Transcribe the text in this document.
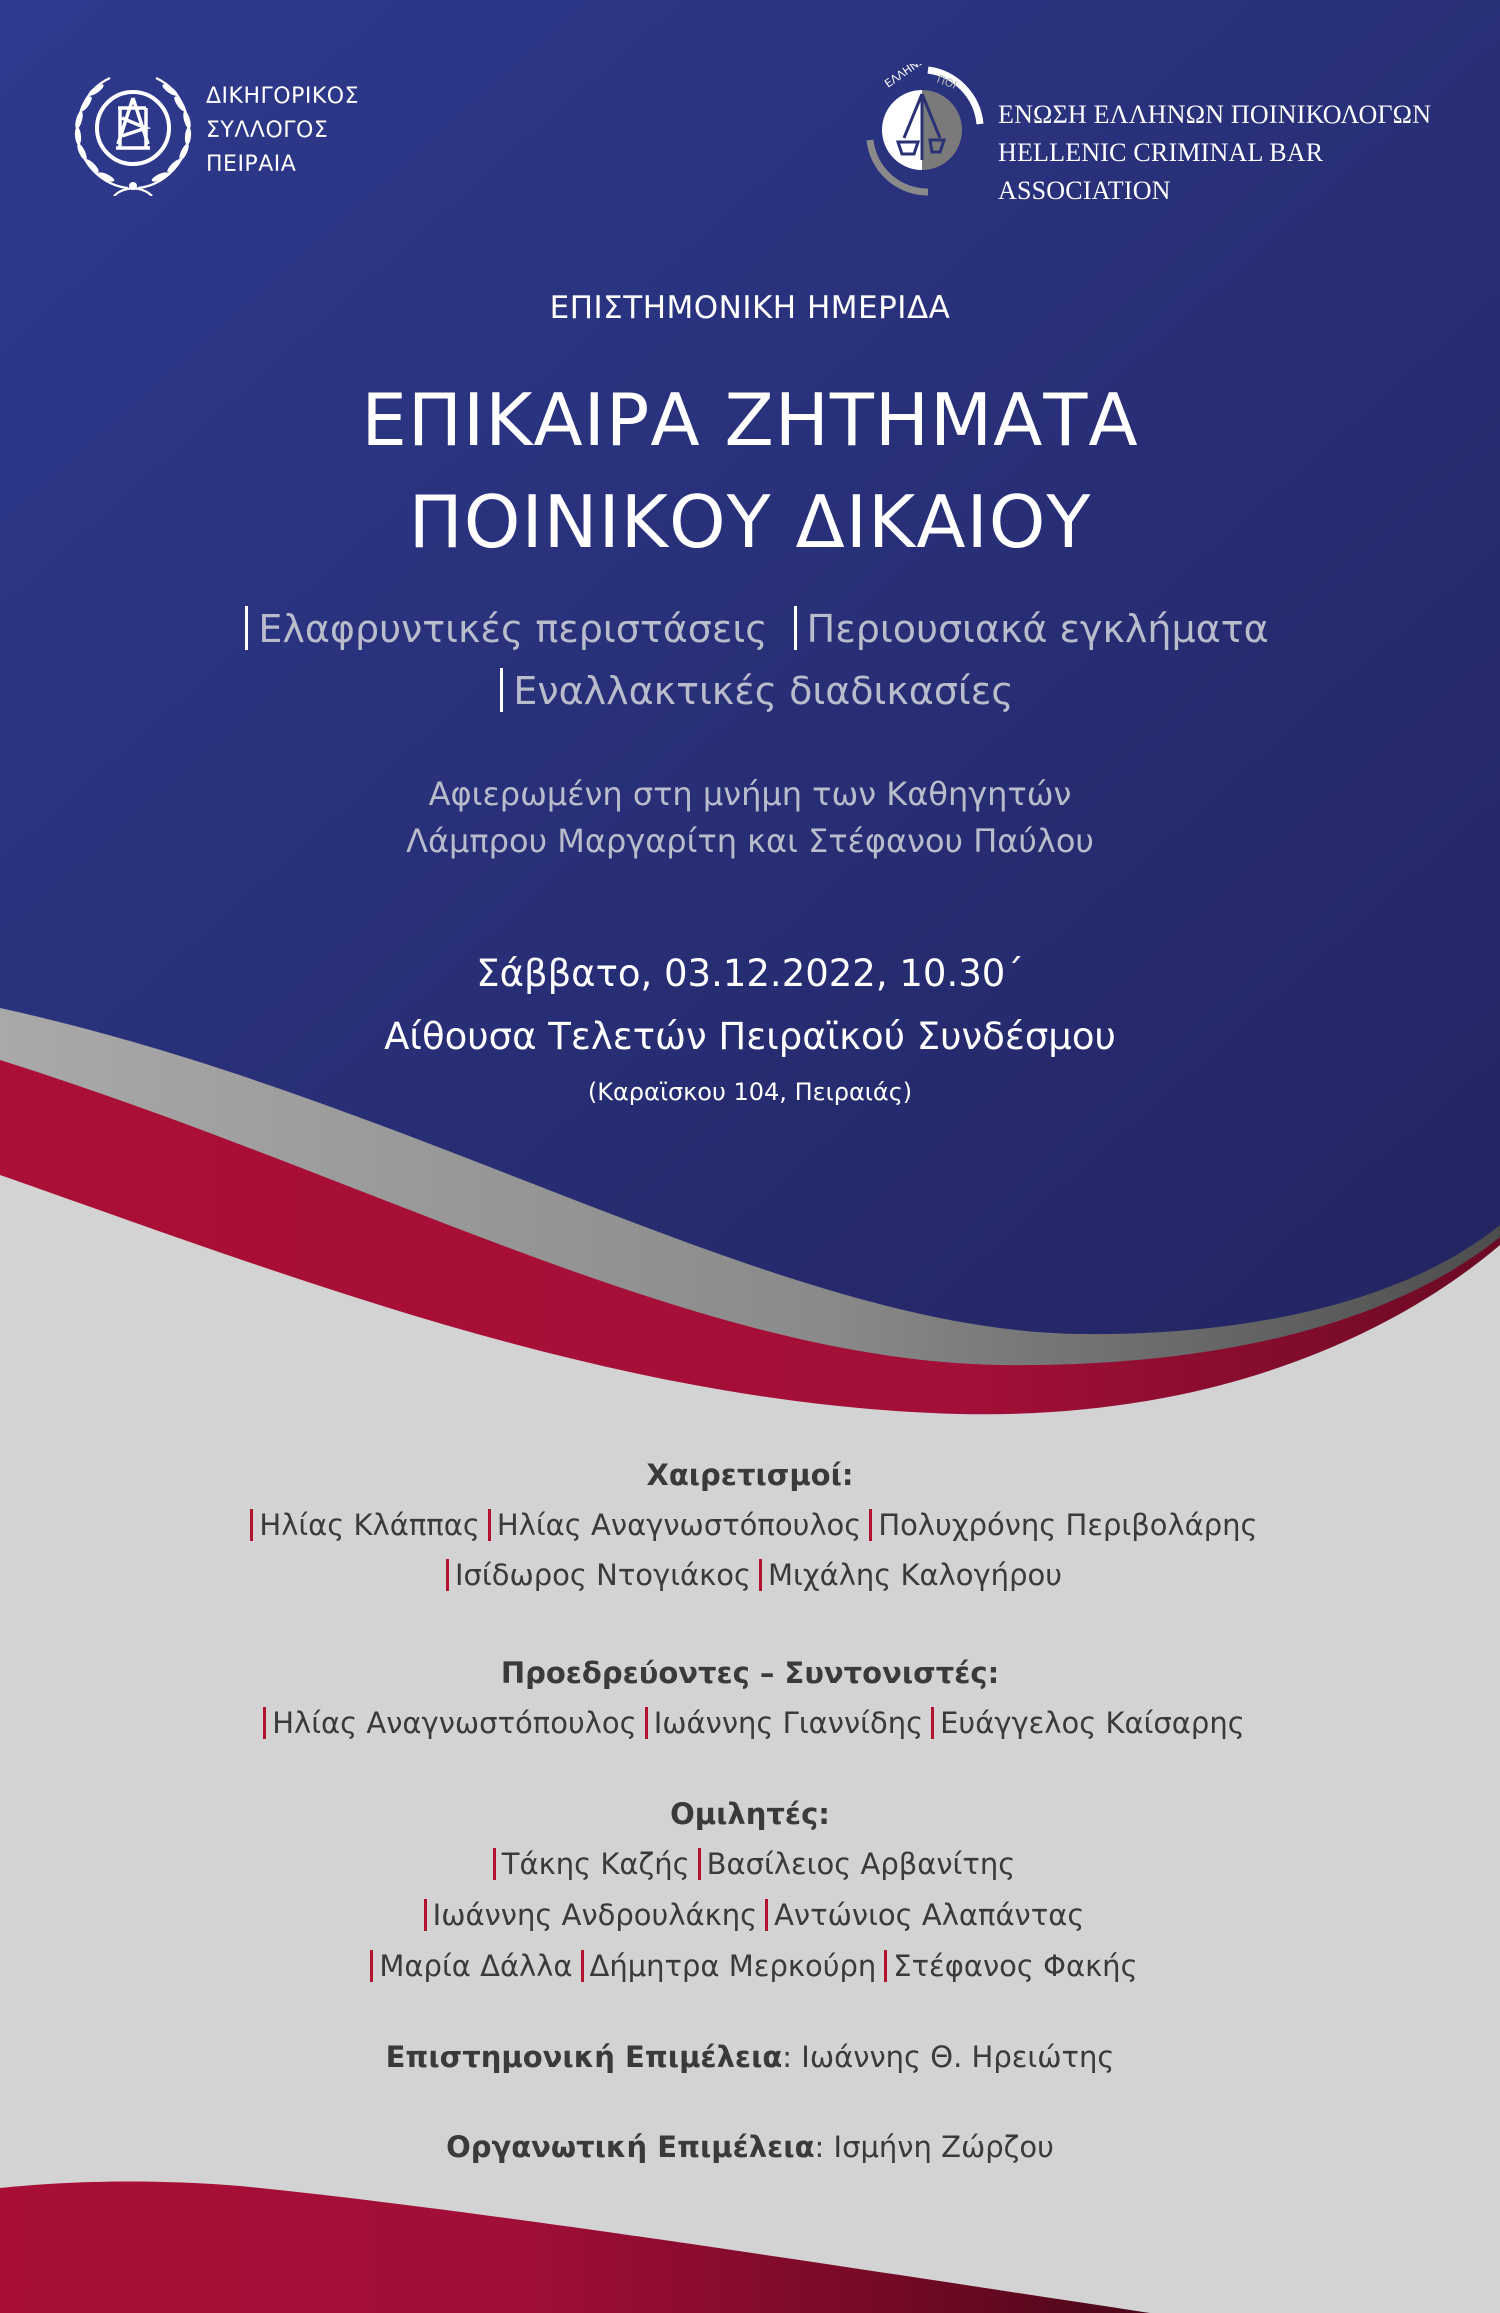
ΔΙΚΗΓΟΡΙΚΟΣ
ΣΥΛΛΟΓΟΣ
ΠΕΙΡΑΙΑ
ΕΛΛΗΝΩΝ ΠΟΙ
ΕΝΩΣΗ ΕΛΛΗΝΩΝ ΠΟΙΝΙΚΟΛΟΓΩΝ
HELLENIC CRIMINAL BAR ASSOCIATION
ΕΠΙΣΤΗΜΟΝΙΚΗ ΗΜΕΡΙΔΑ
ΕΠΙΚΑΙΡΑ ΖΗΤΗΜΑΤΑ
ΠΟΙΝΙΚΟΥ ΔΙΚΑΙΟΥ
Ελαφρυντικές περιστάσεις Περιουσιακά εγκλήματα
Εναλλακτικές διαδικασίες
Αφιερωμένη στη μνήμη των Καθηγητών
Λάμπρου Μαργαρίτη και Στέφανου Παύλου
Σάββατο, 03.12.2022, 10.30΄
Αίθουσα Τελετών Πειραϊκού Συνδέσμου
(Καραϊσκου 104, Πειραιάς)
Χαιρετισμοί:
Ηλίας Κλάππας Ηλίας Αναγνωστόπουλος Πολυχρόνης Περιβολάρης
Ισίδωρος Ντογιάκος Μιχάλης Καλογήρου
Προεδρεύοντες – Συντονιστές:
Ηλίας Αναγνωστόπουλος Ιωάννης Γιαννίδης Ευάγγελος Καίσαρης
Ομιλητές:
Τάκης Καζής Βασίλειος Αρβανίτης
Ιωάννης Ανδρουλάκης Αντώνιος Αλαπάντας
Μαρία Δάλλα Δήμητρα Μερκούρη Στέφανος Φακής
Επιστημονική Επιμέλεια: Ιωάννης Θ. Ηρειώτης
Οργανωτική Επιμέλεια: Ισμήνη Ζώρζου
